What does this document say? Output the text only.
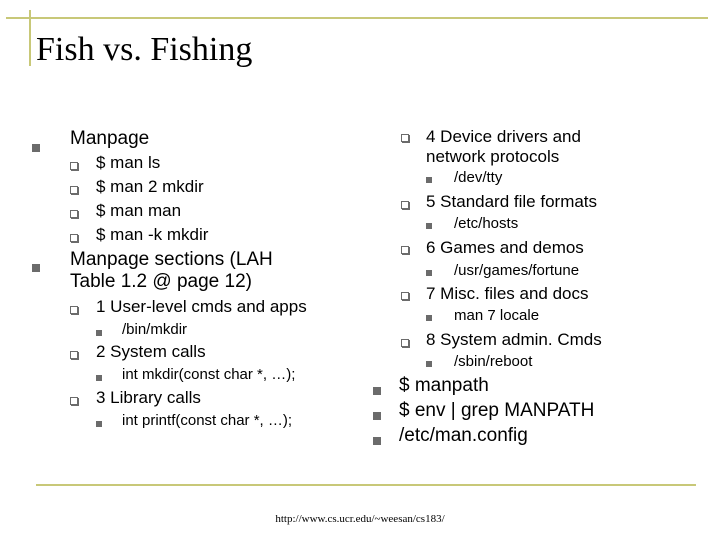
Fish vs. Fishing
Manpage
$ man ls
$ man 2 mkdir
$ man man
$ man -k mkdir
Manpage sections (LAH
Table 1.2 @ page 12)
1 User-level cmds and apps
/bin/mkdir
2 System calls
int mkdir(const char *, …);
3 Library calls
int printf(const char *, …);
4 Device drivers and
network protocols
/dev/tty
5 Standard file formats
/etc/hosts
6 Games and demos
/usr/games/fortune
7 Misc. files and docs
man 7 locale
8 System admin. Cmds
/sbin/reboot
$ manpath
$ env | grep MANPATH
/etc/man.config
http://www.cs.ucr.edu/~weesan/cs183/
